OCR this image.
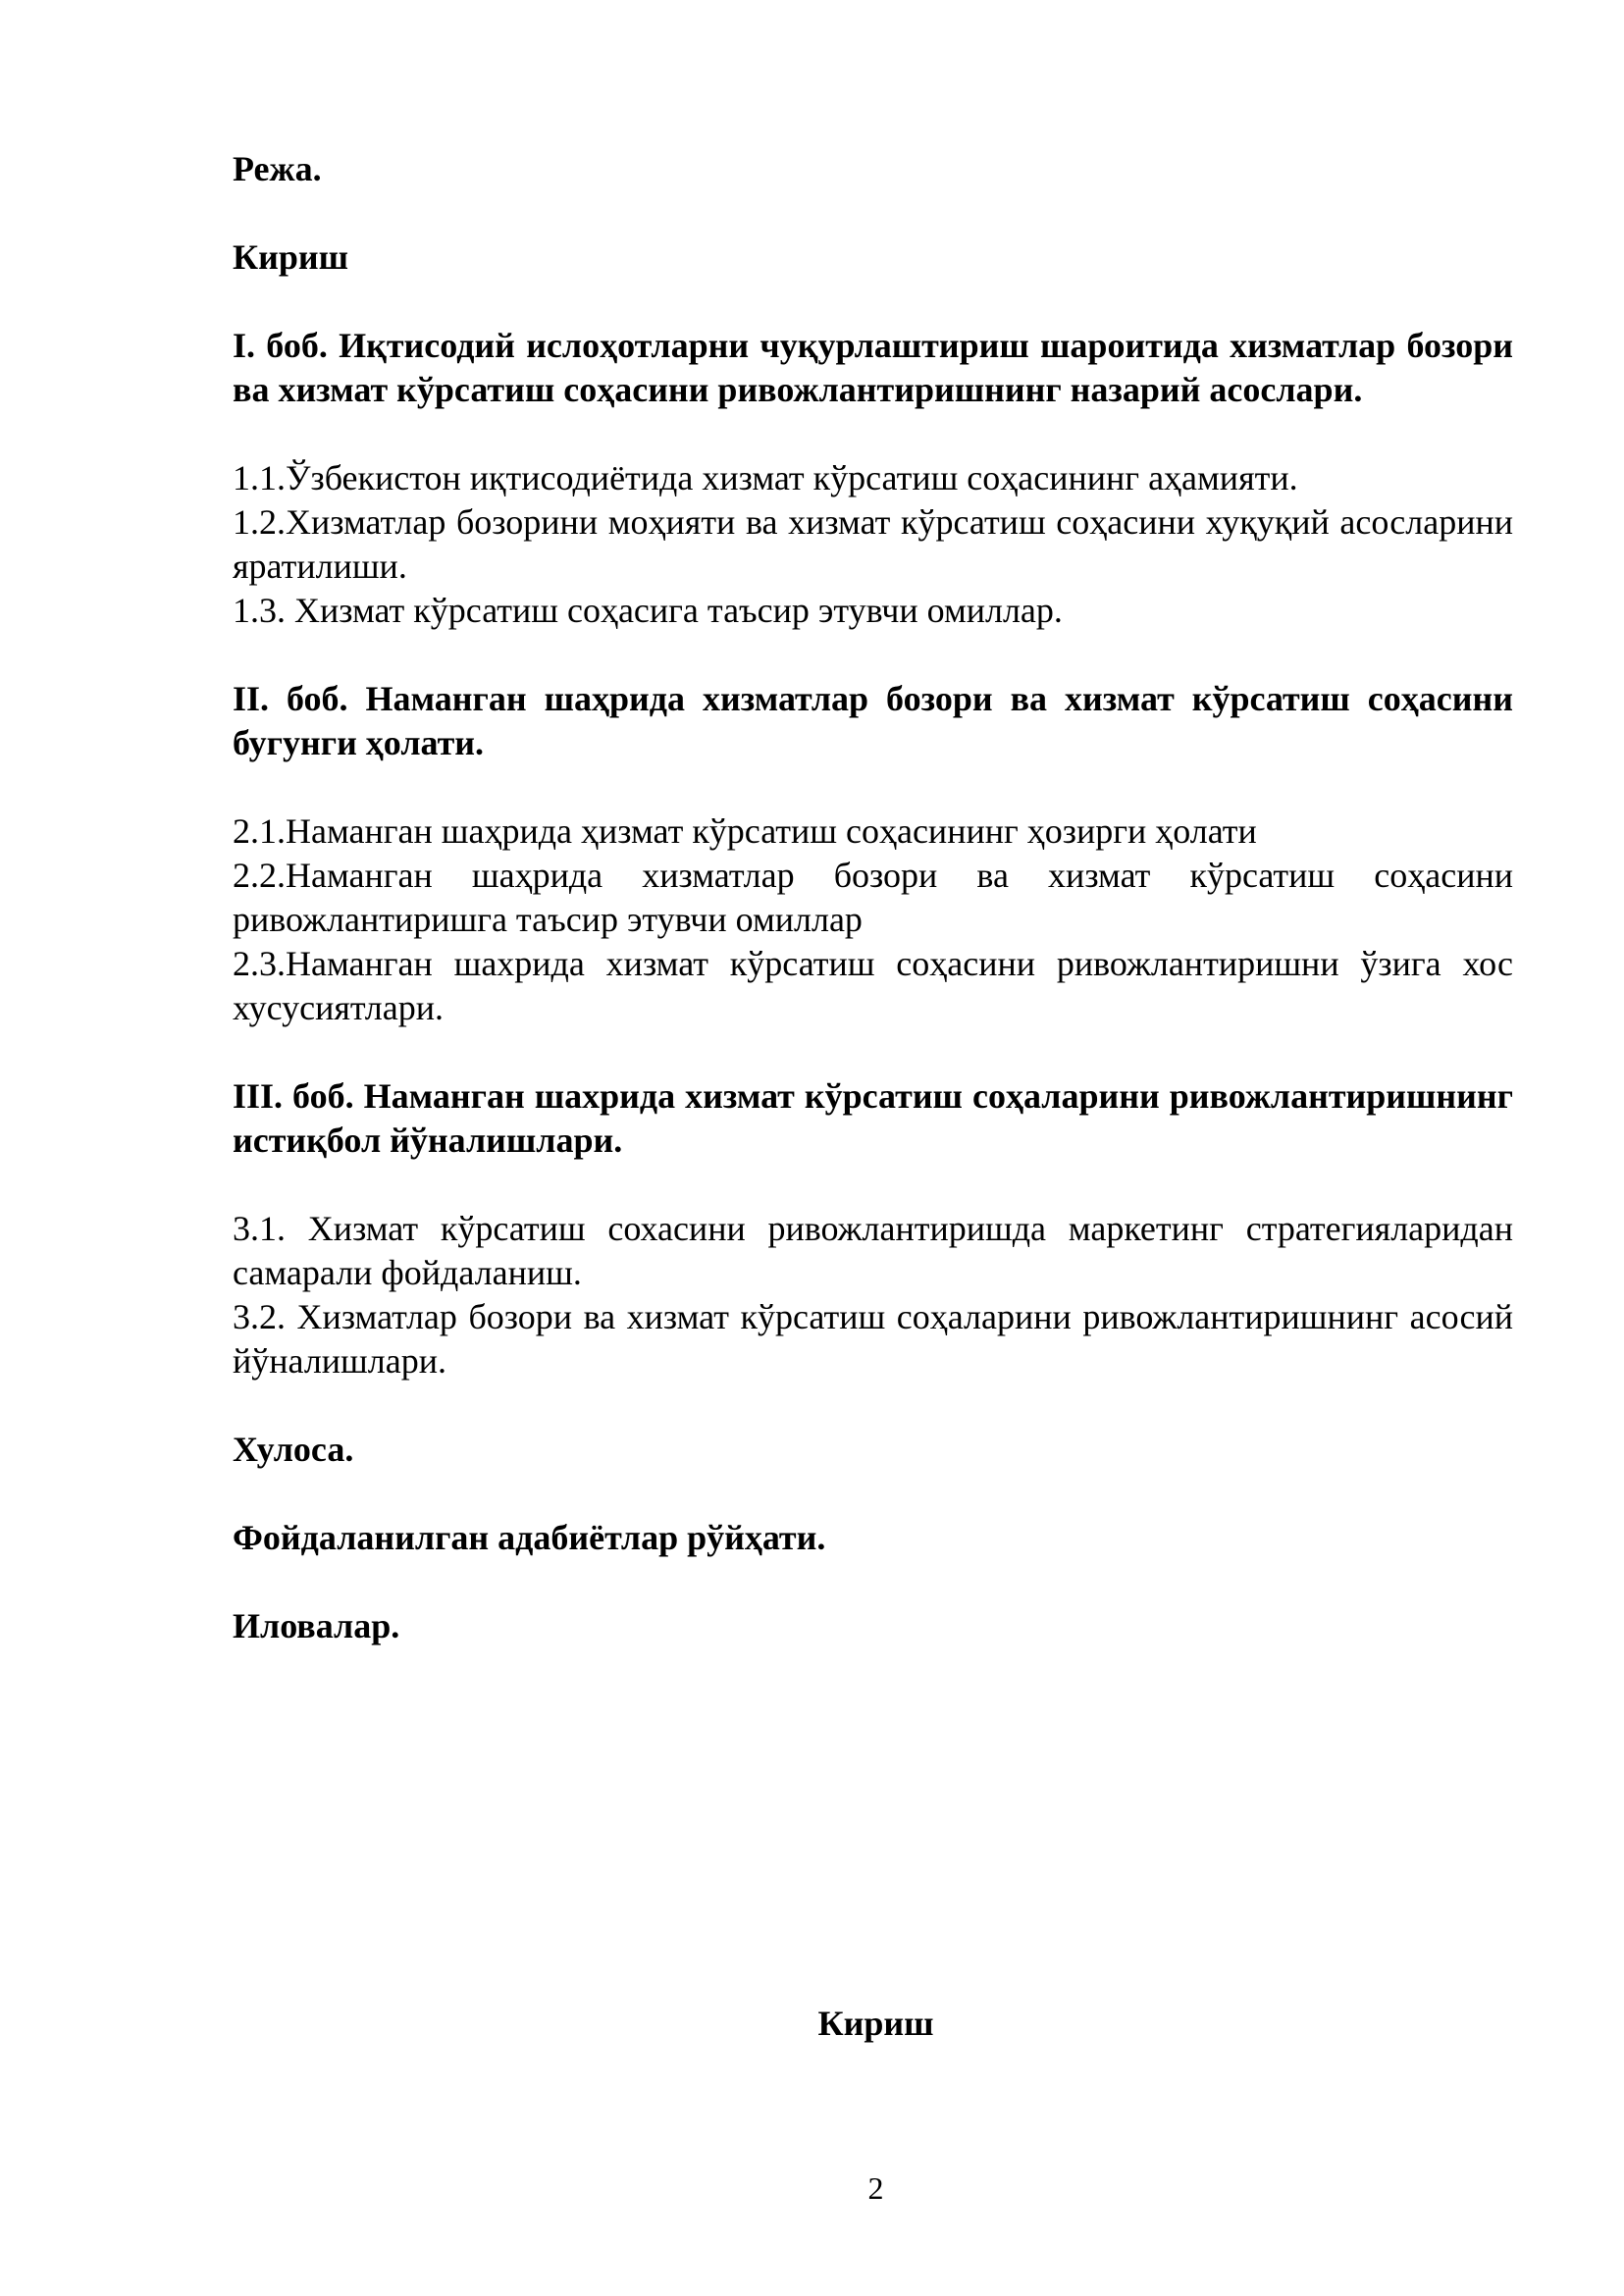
Режа.

Кириш

I. боб. Иқтисодий ислоҳотларни чуқурлаштириш шароитида хизматлар бозори ва хизмат кўрсатиш соҳасини ривожлантиришнинг назарий асослари.

1.1.Ўзбекистон иқтисодиётида хизмат кўрсатиш соҳасининг аҳамияти.

1.2.Хизматлар бозорини моҳияти ва хизмат кўрсатиш соҳасини хуқуқий асосларини яратилиши.

1.3. Хизмат кўрсатиш соҳасига таъсир этувчи омиллар.

II. боб. Наманган шаҳрида хизматлар бозори ва хизмат кўрсатиш соҳасини бугунги ҳолати.

2.1.Наманган шаҳрида ҳизмат кўрсатиш соҳасининг ҳозирги ҳолати

2.2.Наманган шаҳрида хизматлар бозори ва хизмат кўрсатиш соҳасини ривожлантиришга таъсир этувчи омиллар

2.3.Наманган шахрида хизмат кўрсатиш соҳасини ривожлантиришни ўзига хос хусусиятлари.

III. боб. Наманган шахрида хизмат кўрсатиш соҳаларини ривожлантиришнинг истиқбол йўналишлари.

3.1. Хизмат кўрсатиш сохасини ривожлантиришда маркетинг стратегияларидан самарали фойдаланиш.

3.2. Хизматлар бозори ва хизмат кўрсатиш соҳаларини ривожлантиришнинг асосий йўналишлари.

Хулоса.

Фойдаланилган адабиётлар рўйҳати.

Иловалар.

Кириш
2
